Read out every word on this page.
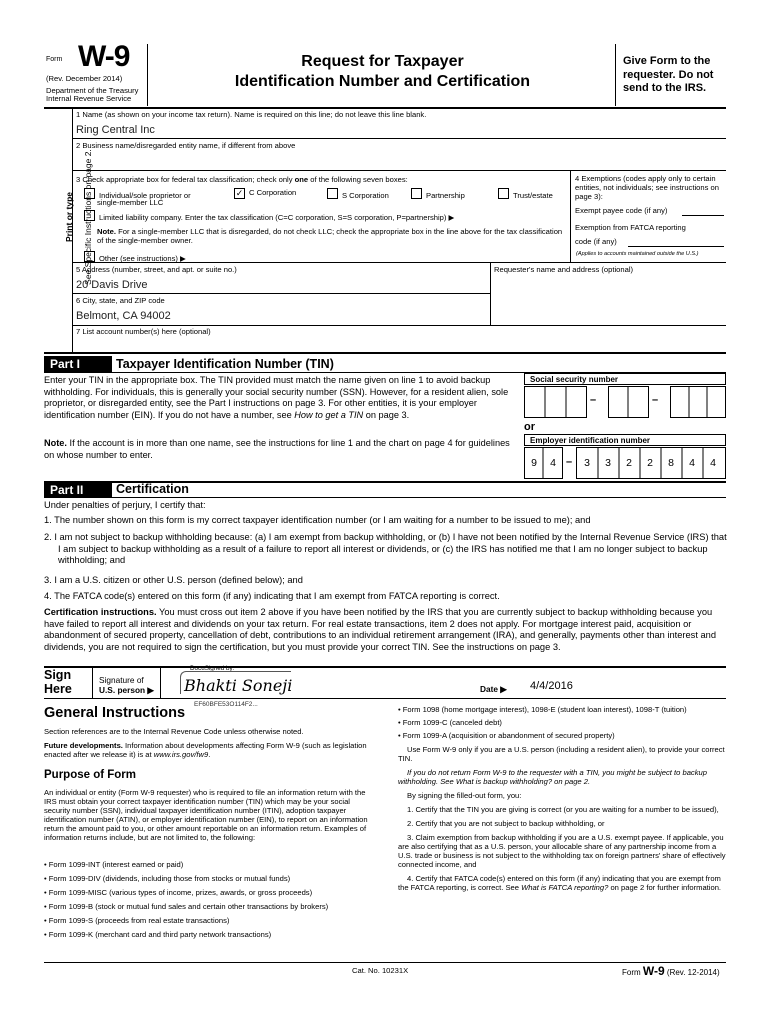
Form W-9
(Rev. December 2014)
Department of the Treasury
Internal Revenue Service
Request for Taxpayer
Identification Number and Certification
Give Form to the
requester. Do not
send to the IRS.
Print or type See Specific Instructions on page 2.
1 Name (as shown on your income tax return). Name is required on this line; do not leave this line blank.
Ring Central Inc
2 Business name/disregarded entity name, if different from above
3 Check appropriate box for federal tax classification; check only one of the following seven boxes:
Individual/sole proprietor or
single-member LLC
✓ C Corporation	S Corporation	Partnership	Trust/estate
Limited liability company. Enter the tax classification (C=C corporation, S=S corporation, P=partnership) ▶
Note. For a single-member LLC that is disregarded, do not check LLC; check the appropriate box in the line above for the tax classification of the single-member owner.
Other (see instructions) ▶
4 Exemptions (codes apply only to certain entities, not individuals; see instructions on page 3):
Exempt payee code (if any)
Exemption from FATCA reporting
code (if any)
(Applies to accounts maintained outside the U.S.)
5 Address (number, street, and apt. or suite no.)
20 Davis Drive
Requester's name and address (optional)
6 City, state, and ZIP code
Belmont, CA 94002
7 List account number(s) here (optional)
Part I	Taxpayer Identification Number (TIN)
Enter your TIN in the appropriate box. The TIN provided must match the name given on line 1 to avoid backup withholding. For individuals, this is generally your social security number (SSN). However, for a resident alien, sole proprietor, or disregarded entity, see the Part I instructions on page 3. For other entities, it is your employer identification number (EIN). If you do not have a number, see How to get a TIN on page 3.
Note. If the account is in more than one name, see the instructions for line 1 and the chart on page 4 for guidelines on whose number to enter.
Social security number
–	–
or
Employer identification number
9	4 –	3	3	2	2	8	4	4
Part II	Certification
Under penalties of perjury, I certify that:
1. The number shown on this form is my correct taxpayer identification number (or I am waiting for a number to be issued to me); and
2. I am not subject to backup withholding because: (a) I am exempt from backup withholding, or (b) I have not been notified by the Internal Revenue Service (IRS) that I am subject to backup withholding as a result of a failure to report all interest or dividends, or (c) the IRS has notified me that I am no longer subject to backup withholding; and
3. I am a U.S. citizen or other U.S. person (defined below); and
4. The FATCA code(s) entered on this form (if any) indicating that I am exempt from FATCA reporting is correct.
Certification instructions. You must cross out item 2 above if you have been notified by the IRS that you are currently subject to backup withholding because you have failed to report all interest and dividends on your tax return. For real estate transactions, item 2 does not apply. For mortgage interest paid, acquisition or abandonment of secured property, cancellation of debt, contributions to an individual retirement arrangement (IRA), and generally, payments other than interest and dividends, you are not required to sign the certification, but you must provide your correct TIN. See the instructions on page 3.
Sign
Here
Signature of
U.S. person ▶
DocuSigned by:
Bhakti Soneji
EF60BFE53O114F2...
Date ▶ 4/4/2016
General Instructions
Section references are to the Internal Revenue Code unless otherwise noted.
Future developments. Information about developments affecting Form W-9 (such as legislation enacted after we release it) is at www.irs.gov/fw9.
Purpose of Form
An individual or entity (Form W-9 requester) who is required to file an information return with the IRS must obtain your correct taxpayer identification number (TIN) which may be your social security number (SSN), individual taxpayer identification number (ITIN), adoption taxpayer identification number (ATIN), or employer identification number (EIN), to report on an information return the amount paid to you, or other amount reportable on an information return. Examples of information returns include, but are not limited to, the following:
• Form 1099-INT (interest earned or paid)
• Form 1099-DIV (dividends, including those from stocks or mutual funds)
• Form 1099-MISC (various types of income, prizes, awards, or gross proceeds)
• Form 1099-B (stock or mutual fund sales and certain other transactions by brokers)
• Form 1099-S (proceeds from real estate transactions)
• Form 1099-K (merchant card and third party network transactions)
• Form 1098 (home mortgage interest), 1098-E (student loan interest), 1098-T (tuition)
• Form 1099-C (canceled debt)
• Form 1099-A (acquisition or abandonment of secured property)
Use Form W-9 only if you are a U.S. person (including a resident alien), to provide your correct TIN.
If you do not return Form W-9 to the requester with a TIN, you might be subject to backup withholding. See What is backup withholding? on page 2.
By signing the filled-out form, you:
1. Certify that the TIN you are giving is correct (or you are waiting for a number to be issued),
2. Certify that you are not subject to backup withholding, or
3. Claim exemption from backup withholding if you are a U.S. exempt payee. If applicable, you are also certifying that as a U.S. person, your allocable share of any partnership income from a U.S. trade or business is not subject to the withholding tax on foreign partners' share of effectively connected income, and
4. Certify that FATCA code(s) entered on this form (if any) indicating that you are exempt from the FATCA reporting, is correct. See What is FATCA reporting? on page 2 for further information.
Cat. No. 10231X	Form W-9 (Rev. 12-2014)
